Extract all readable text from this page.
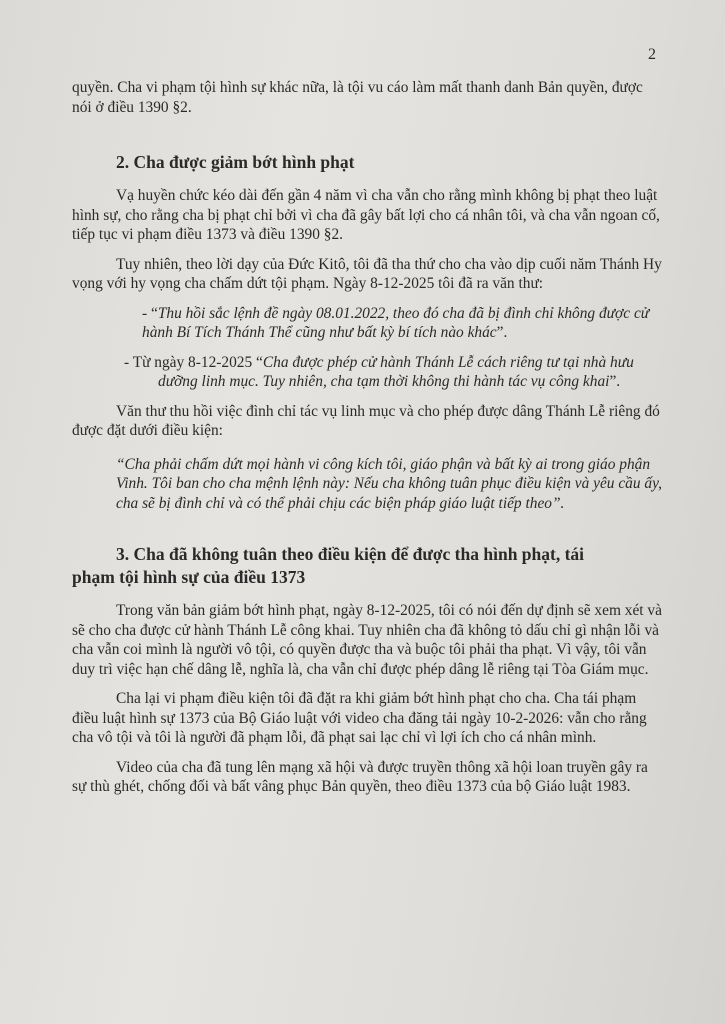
2

quyền. Cha vi phạm tội hình sự khác nữa, là tội vu cáo làm mất thanh danh Bản quyền, được nói ở điều 1390 §2.

2. Cha được giảm bớt hình phạt

Vạ huyền chức kéo dài đến gần 4 năm vì cha vẫn cho rằng mình không bị phạt theo luật hình sự, cho rằng cha bị phạt chỉ bởi vì cha đã gây bất lợi cho cá nhân tôi, và cha vẫn ngoan cố, tiếp tục vi phạm điều 1373 và điều 1390 §2.

Tuy nhiên, theo lời dạy của Đức Kitô, tôi đã tha thứ cho cha vào dịp cuối năm Thánh Hy vọng với hy vọng cha chấm dứt tội phạm. Ngày 8-12-2025 tôi đã ra văn thư:

- “Thu hồi sắc lệnh đề ngày 08.01.2022, theo đó cha đã bị đình chỉ không được cử hành Bí Tích Thánh Thể cũng như bất kỳ bí tích nào khác”.

- Từ ngày 8-12-2025 “Cha được phép cử hành Thánh Lễ cách riêng tư tại nhà hưu dưỡng linh mục. Tuy nhiên, cha tạm thời không thi hành tác vụ công khai”.

Văn thư thu hồi việc đình chỉ tác vụ linh mục và cho phép được dâng Thánh Lễ riêng đó được đặt dưới điều kiện:

“Cha phải chấm dứt mọi hành vi công kích tôi, giáo phận và bất kỳ ai trong giáo phận Vinh. Tôi ban cho cha mệnh lệnh này: Nếu cha không tuân phục điều kiện và yêu cầu ấy, cha sẽ bị đình chỉ và có thể phải chịu các biện pháp giáo luật tiếp theo”.

3. Cha đã không tuân theo điều kiện để được tha hình phạt, tái
phạm tội hình sự của điều 1373

Trong văn bản giảm bớt hình phạt, ngày 8-12-2025, tôi có nói đến dự định sẽ xem xét và sẽ cho cha được cử hành Thánh Lễ công khai. Tuy nhiên cha đã không tỏ dấu chỉ gì nhận lỗi và cha vẫn coi mình là người vô tội, có quyền được tha và buộc tôi phải tha phạt. Vì vậy, tôi vẫn duy trì việc hạn chế dâng lễ, nghĩa là, cha vẫn chỉ được phép dâng lễ riêng tại Tòa Giám mục.

Cha lại vi phạm điều kiện tôi đã đặt ra khi giảm bớt hình phạt cho cha. Cha tái phạm điều luật hình sự 1373 của Bộ Giáo luật với video cha đăng tải ngày 10-2-2026: vẫn cho rằng cha vô tội và tôi là người đã phạm lỗi, đã phạt sai lạc chỉ vì lợi ích cho cá nhân mình.

Video của cha đã tung lên mạng xã hội và được truyền thông xã hội loan truyền gây ra sự thù ghét, chống đối và bất vâng phục Bản quyền, theo điều 1373 của bộ Giáo luật 1983.
